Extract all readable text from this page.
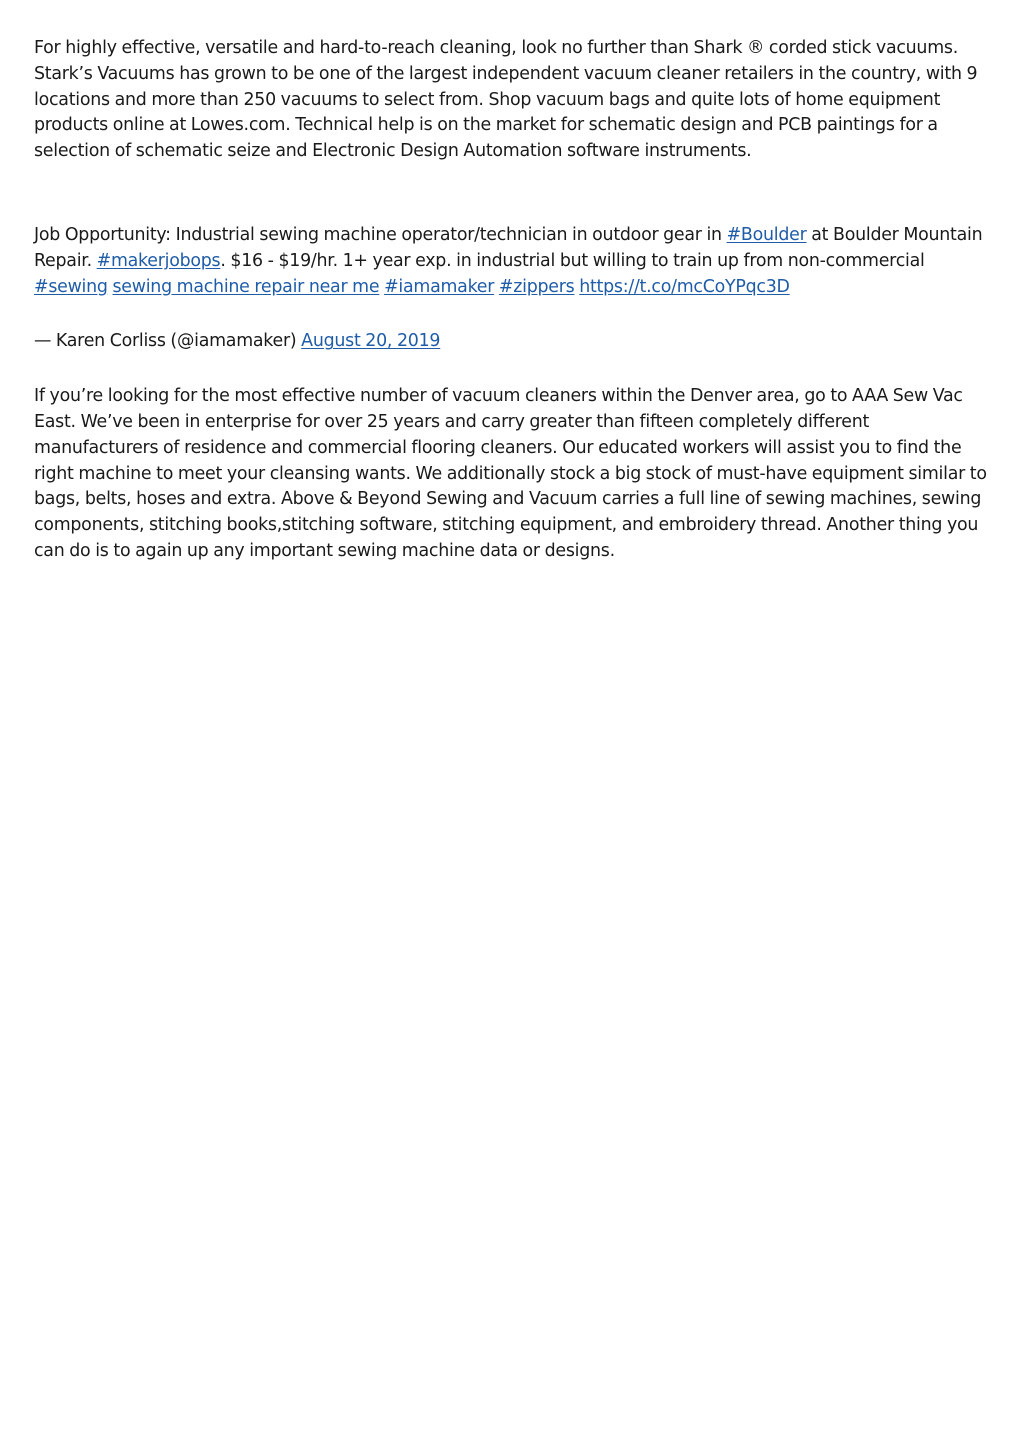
For highly effective, versatile and hard-to-reach cleaning, look no further than Shark ® corded stick vacuums. Stark’s Vacuums has grown to be one of the largest independent vacuum cleaner retailers in the country, with 9 locations and more than 250 vacuums to select from. Shop vacuum bags and quite lots of home equipment products online at Lowes.com. Technical help is on the market for schematic design and PCB paintings for a selection of schematic seize and Electronic Design Automation software instruments.

Job Opportunity: Industrial sewing machine operator/technician in outdoor gear in #Boulder at Boulder Mountain Repair. #makerjobops. $16 - $19/hr. 1+ year exp. in industrial but willing to train up from non-commercial #sewing sewing machine repair near me #iamamaker #zippers https://t.co/mcCoYPqc3D

— Karen Corliss (@iamamaker) August 20, 2019

If you’re looking for the most effective number of vacuum cleaners within the Denver area, go to AAA Sew Vac East. We’ve been in enterprise for over 25 years and carry greater than fifteen completely different manufacturers of residence and commercial flooring cleaners. Our educated workers will assist you to find the right machine to meet your cleansing wants. We additionally stock a big stock of must-have equipment similar to bags, belts, hoses and extra. Above & Beyond Sewing and Vacuum carries a full line of sewing machines, sewing components, stitching books,stitching software, stitching equipment, and embroidery thread. Another thing you can do is to again up any important sewing machine data or designs.
